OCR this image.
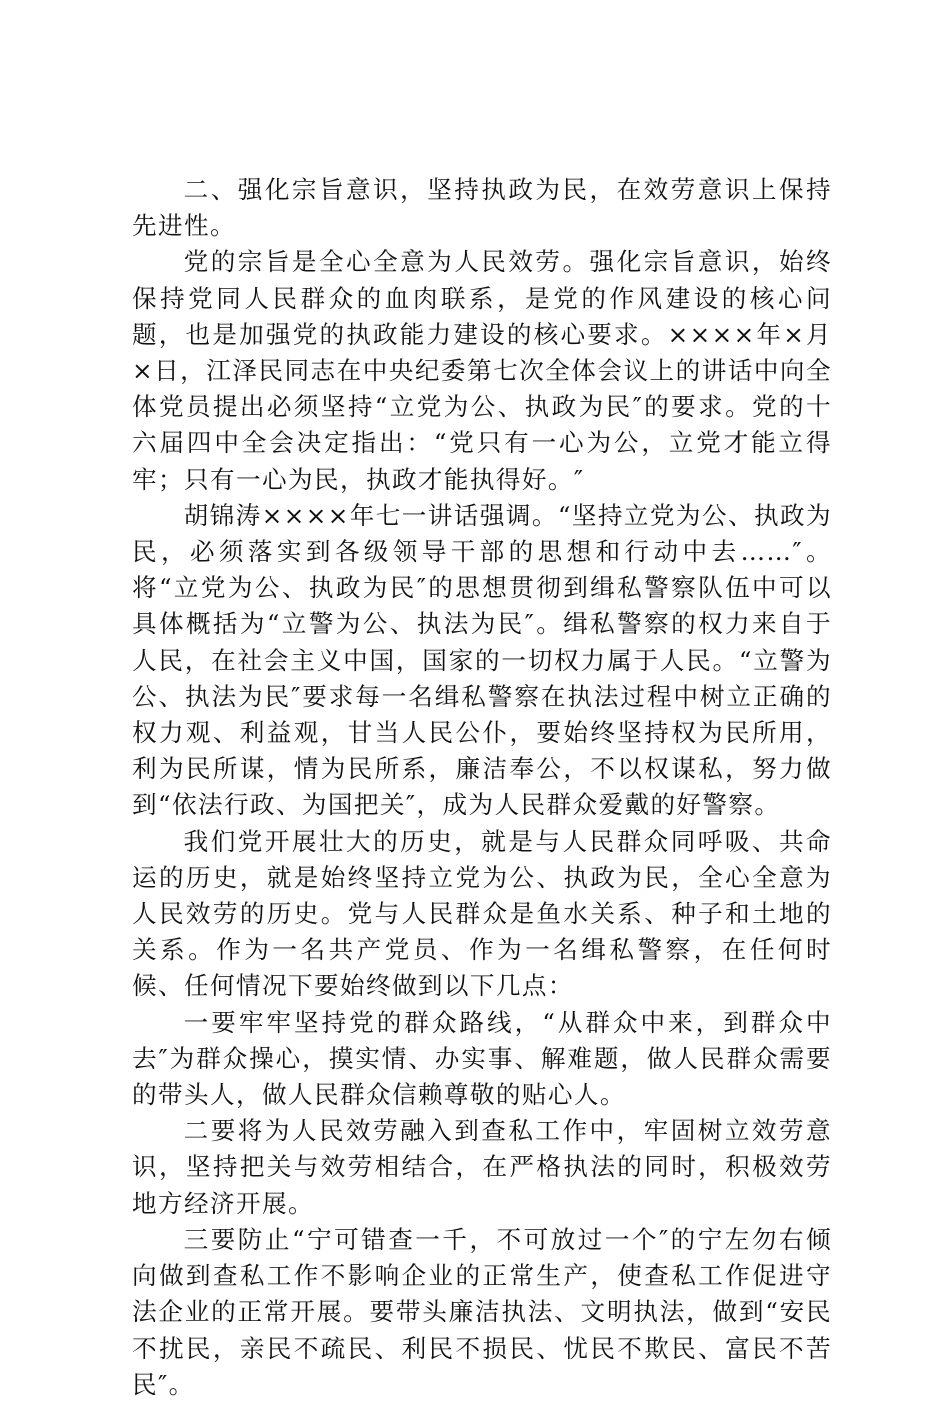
二、强化宗旨意识，坚持执政为民，在效劳意识上保持先进性。

党的宗旨是全心全意为人民效劳。强化宗旨意识，始终保持党同人民群众的血肉联系，是党的作风建设的核心问题，也是加强党的执政能力建设的核心要求。××××年×月×日，江泽民同志在中央纪委第七次全体会议上的讲话中向全体党员提出必须坚持“立党为公、执政为民″的要求。党的十六届四中全会决定指出：“党只有一心为公，立党才能立得牢；只有一心为民，执政才能执得好。″

胡锦涛××××年七一讲话强调。“坚持立党为公、执政为民，必须落实到各级领导干部的思想和行动中去……″。将“立党为公、执政为民″的思想贯彻到缉私警察队伍中可以具体概括为“立警为公、执法为民″。缉私警察的权力来自于人民，在社会主义中国，国家的一切权力属于人民。“立警为公、执法为民″要求每一名缉私警察在执法过程中树立正确的权力观、利益观，甘当人民公仆，要始终坚持权为民所用，利为民所谋，情为民所系，廉洁奉公，不以权谋私，努力做到“依法行政、为国把关″，成为人民群众爱戴的好警察。

我们党开展壮大的历史，就是与人民群众同呼吸、共命运的历史，就是始终坚持立党为公、执政为民，全心全意为人民效劳的历史。党与人民群众是鱼水关系、种子和土地的关系。作为一名共产党员、作为一名缉私警察，在任何时候、任何情况下要始终做到以下几点：

一要牢牢坚持党的群众路线，“从群众中来，到群众中去″为群众操心，摸实情、办实事、解难题，做人民群众需要的带头人，做人民群众信赖尊敬的贴心人。

二要将为人民效劳融入到查私工作中，牢固树立效劳意识，坚持把关与效劳相结合，在严格执法的同时，积极效劳地方经济开展。

三要防止“宁可错查一千，不可放过一个″的宁左勿右倾向做到查私工作不影响企业的正常生产，使查私工作促进守法企业的正常开展。要带头廉洁执法、文明执法，做到“安民不扰民，亲民不疏民、利民不损民、忧民不欺民、富民不苦民″。
